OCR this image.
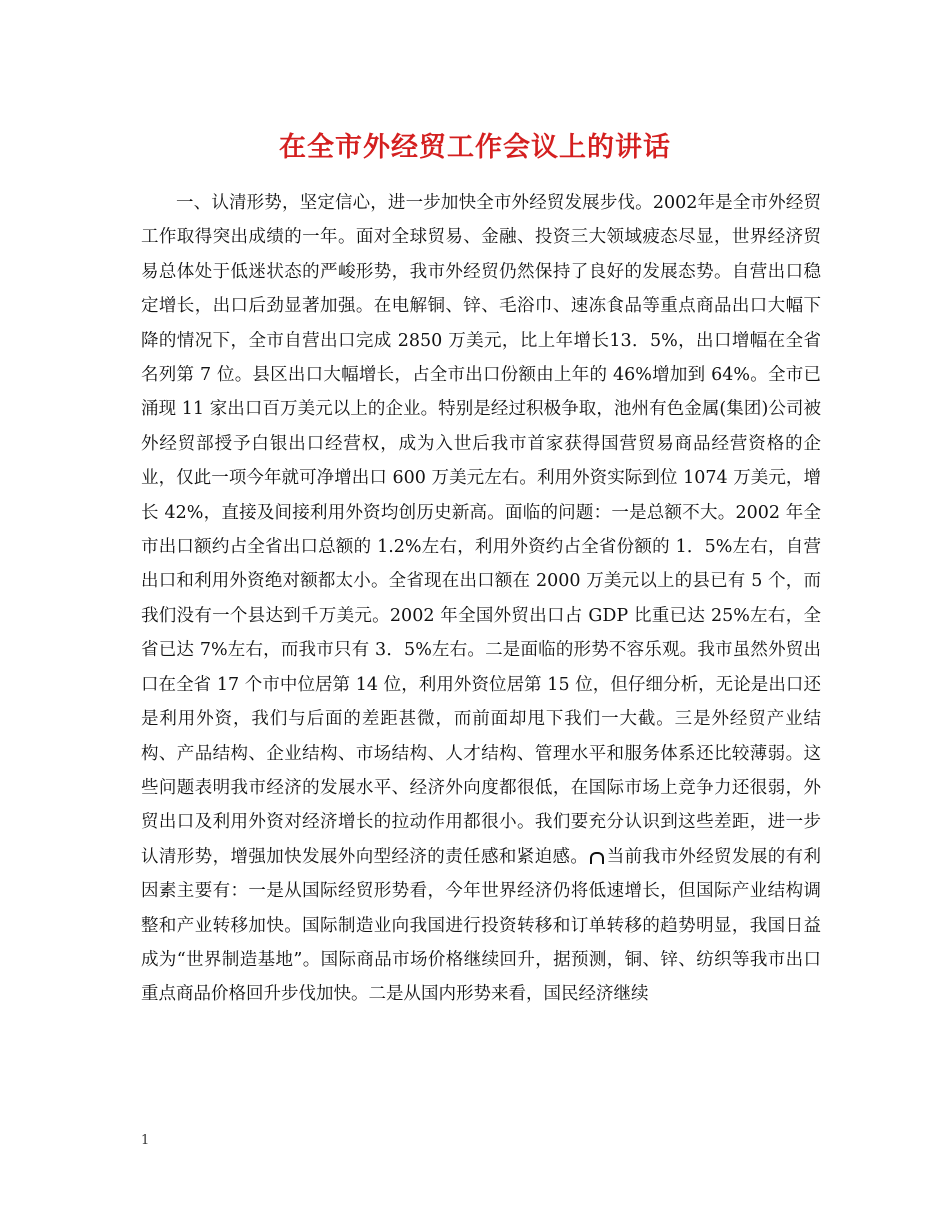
在全市外经贸工作会议上的讲话

一、认清形势，坚定信心，进一步加快全市外经贸发展步伐。2002年是全市外经贸工作取得突出成绩的一年。面对全球贸易、金融、投资三大领域疲态尽显，世界经济贸易总体处于低迷状态的严峻形势，我市外经贸仍然保持了良好的发展态势。自营出口稳定增长，出口后劲显著加强。在电解铜、锌、毛浴巾、速冻食品等重点商品出口大幅下降的情况下，全市自营出口完成 2850 万美元，比上年增长13．5%，出口增幅在全省名列第 7 位。县区出口大幅增长，占全市出口份额由上年的 46%增加到 64%。全市已涌现 11 家出口百万美元以上的企业。特别是经过积极争取，池州有色金属(集团)公司被外经贸部授予白银出口经营权，成为入世后我市首家获得国营贸易商品经营资格的企业，仅此一项今年就可净增出口 600 万美元左右。利用外资实际到位 1074 万美元，增长 42%，直接及间接利用外资均创历史新高。面临的问题：一是总额不大。2002 年全市出口额约占全省出口总额的 1.2%左右，利用外资约占全省份额的 1．5%左右，自营出口和利用外资绝对额都太小。全省现在出口额在 2000 万美元以上的县已有 5 个，而我们没有一个县达到千万美元。2002 年全国外贸出口占 GDP 比重已达 25%左右，全省已达 7%左右，而我市只有 3．5%左右。二是面临的形势不容乐观。我市虽然外贸出口在全省 17 个市中位居第 14 位，利用外资位居第 15 位，但仔细分析，无论是出口还是利用外资，我们与后面的差距甚微，而前面却甩下我们一大截。三是外经贸产业结构、产品结构、企业结构、市场结构、人才结构、管理水平和服务体系还比较薄弱。这些问题表明我市经济的发展水平、经济外向度都很低，在国际市场上竞争力还很弱，外贸出口及利用外资对经济增长的拉动作用都很小。我们要充分认识到这些差距，进一步认清形势，增强加快发展外向型经济的责任感和紧迫感。 当前我市外经贸发展的有利因素主要有：一是从国际经贸形势看，今年世界经济仍将低速增长，但国际产业结构调整和产业转移加快。国际制造业向我国进行投资转移和订单转移的趋势明显，我国日益成为“世界制造基地”。国际商品市场价格继续回升，据预测，铜、锌、纺织等我市出口重点商品价格回升步伐加快。二是从国内形势来看，国民经济继续

1
